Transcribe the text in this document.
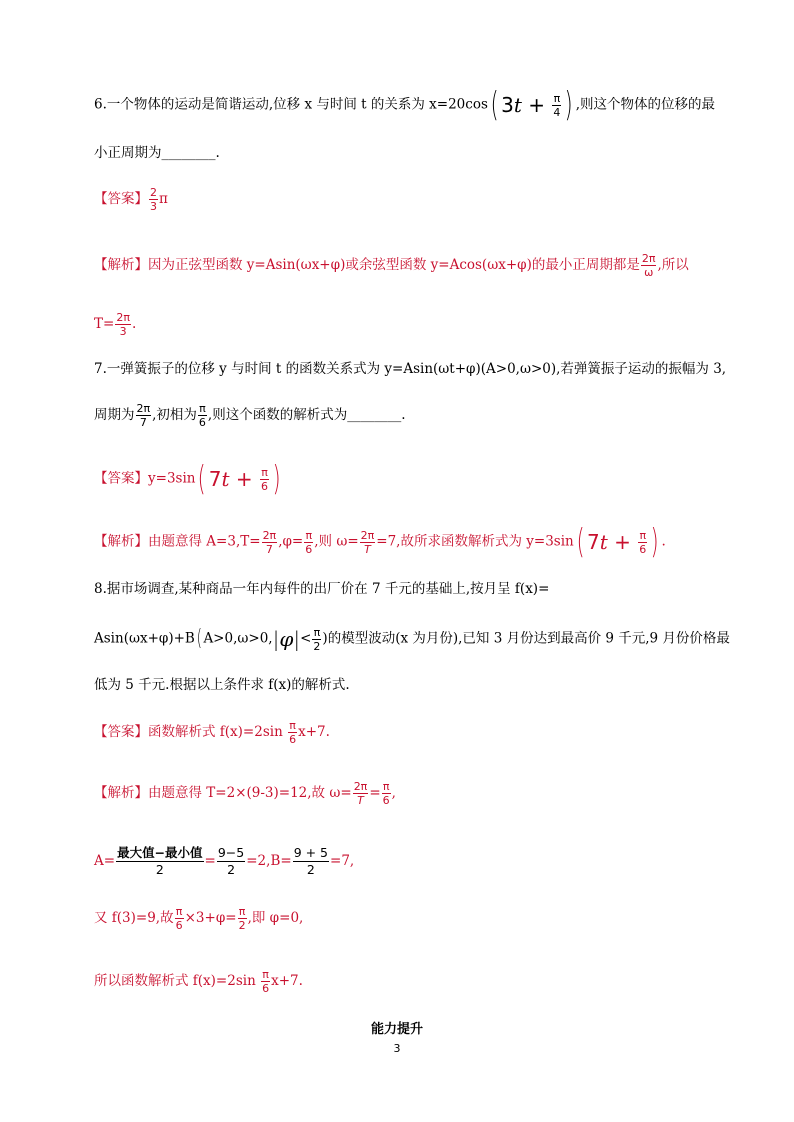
6.一个物体的运动是简谐运动,位移 x 与时间 t 的关系为 x=20cos( $3t + \frac{\pi}{4}$ ) ,则这个物体的位移的最
小正周期为________.
【答案】 $\frac{2}{3}$ π
【解析】因为正弦型函数 y=Asin(ωx+φ)或余弦型函数 y=Acos(ωx+φ)的最小正周期都是 $\frac{2\pi}{\omega}$ ,所以
$T= \frac{2\pi}{3}$ .
7.一弹簧振子的位移 y 与时间 t 的函数关系式为 y=Asin(ωt+φ)(A>0,ω>0),若弹簧振子运动的振幅为 3,
周期为 $\frac{2\pi}{7}$ ,初相为 $\frac{\pi}{6}$ ,则这个函数的解析式为________.
【答案】y=3sin( $7t + \frac{\pi}{6}$ )
【解析】由题意得 $A=3,T= \frac{2\pi}{7} ,\varphi= \frac{\pi}{6}$ ,则 $\omega= \frac{2\pi}{T} =7$,故所求函数解析式为 y=3sin( $7t + \frac{\pi}{6}$ ) .
8.据市场调查,某种商品一年内每件的出厂价在 7 千元的基础上,按月呈 f(x)=
Asin(ωx+φ)+B( $A>0,\omega>0,|\varphi|< \frac{\pi}{2}$ )的模型波动(x 为月份),已知 3 月份达到最高价 9 千元,9 月份价格最
低为 5 千元.根据以上条件求 f(x)的解析式.
【答案】函数解析式 $f(x)=2\sin \frac{\pi}{6} x+7$.
【解析】由题意得 T=2×(9-3)=12,故 $\omega= \frac{2\pi}{T} = \frac{\pi}{6}$ ,
$A= \frac{\text{最大值−最小值}}{2} = \frac{9-5}{2} =2,B= \frac{9 + 5}{2} =7$,
又 f(3)=9,故 $\frac{\pi}{6} \times 3+\varphi= \frac{\pi}{2}$ ,即 φ=0,
所以函数解析式 $f(x)=2\sin \frac{\pi}{6} x+7$.
能力提升
3
